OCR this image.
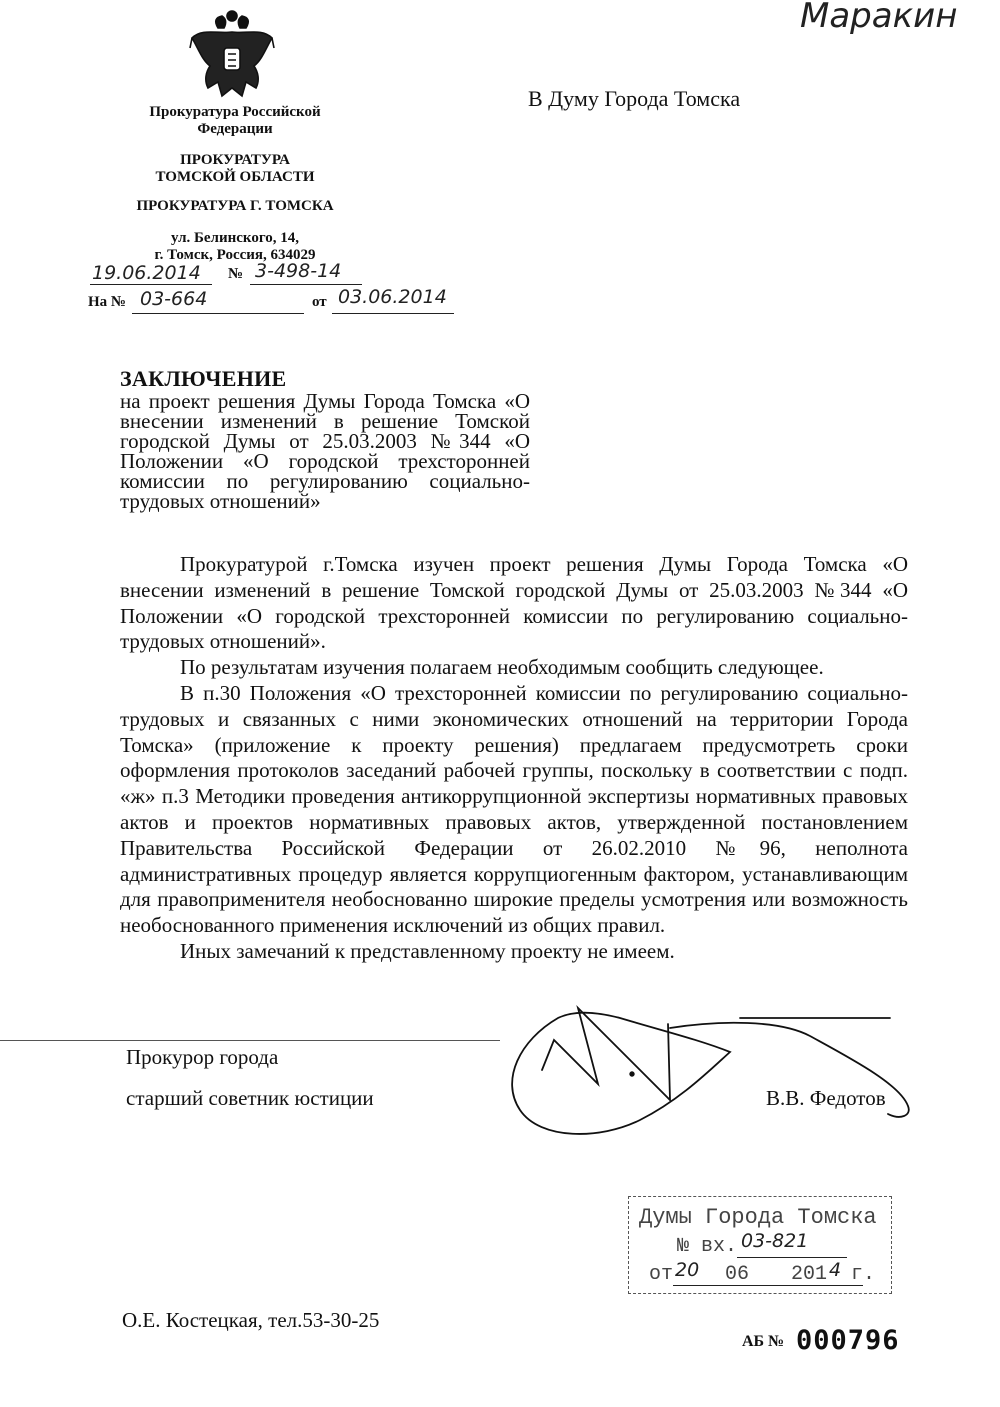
Маракин
Прокуратура Российской
Федерации
ПРОКУРАТУРА
ТОМСКОЙ ОБЛАСТИ
ПРОКУРАТУРА Г. ТОМСКА
ул. Белинского, 14,
г. Томск, Россия, 634029
19.06.2014 № 3-498-14
На № 03-664	от 03.06.2014
В Думу Города Томска
ЗАКЛЮЧЕНИЕ
на проект решения Думы Города Томска «О внесении изменений в решение Томской городской Думы от 25.03.2003 №344 «О Положении «О городской трехсторонней комиссии по регулированию социально-трудовых отношений»

Прокуратурой г.Томска изучен проект решения Думы Города Томска «О внесении изменений в решение Томской городской Думы от 25.03.2003 №344 «О Положении «О городской трехсторонней комиссии по регулированию социально-трудовых отношений».

По результатам изучения полагаем необходимым сообщить следующее.

В п.30 Положения «О трехсторонней комиссии по регулированию социально-трудовых и связанных с ними экономических отношений на территории Города Томска» (приложение к проекту решения) предлагаем предусмотреть сроки оформления протоколов заседаний рабочей группы, поскольку в соответствии с подп. «ж» п.3 Методики проведения антикоррупционной экспертизы нормативных правовых актов и проектов нормативных правовых актов, утвержденной постановлением Правительства Российской Федерации от 26.02.2010 №96, неполнота административных процедур является коррупциогенным фактором, устанавливающим для правоприменителя необоснованно широкие пределы усмотрения или возможность необоснованного применения исключений из общих правил.

Иных замечаний к представленному проекту не имеем.

Прокурор города
старший советник юстиции	В.В. Федотов
Думы Города Томска
№ вх. 03-821
от 20 06 201 4 г.
О.Е. Костецкая, тел.53-30-25
АБ № 000796
